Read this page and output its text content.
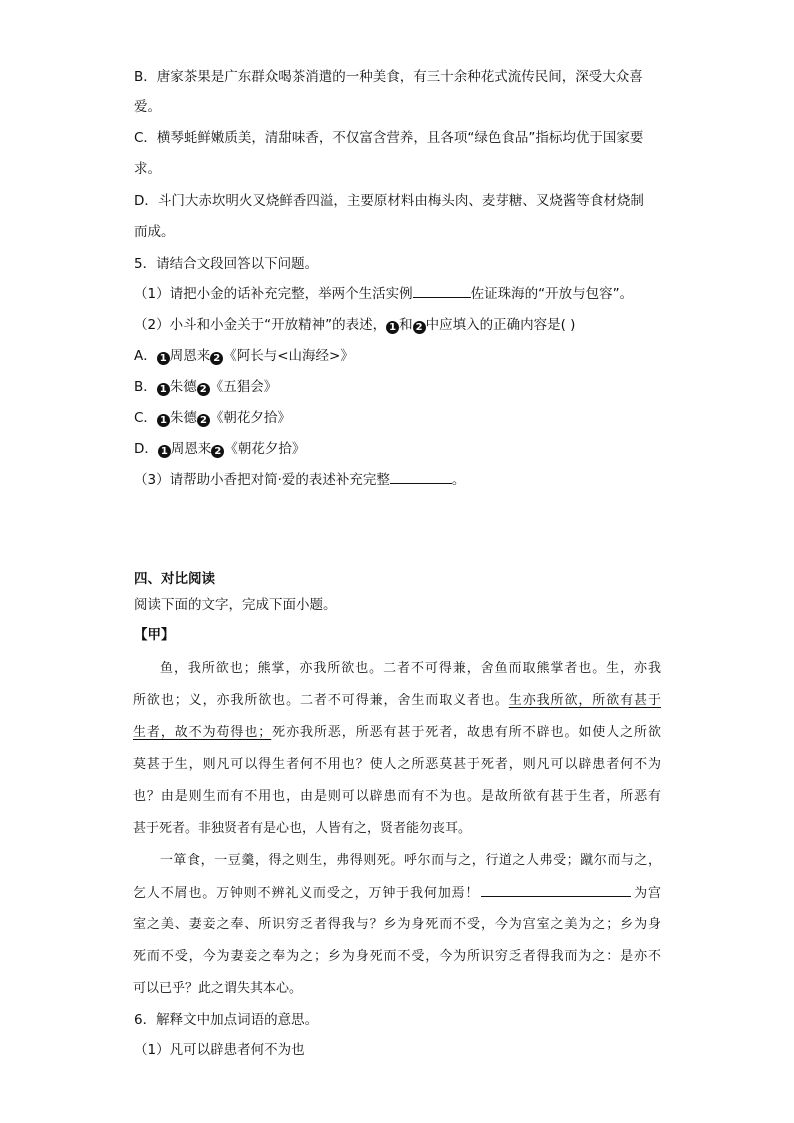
B．唐家茶果是广东群众喝茶消遣的一种美食，有三十余种花式流传民间，深受大众喜
爱。
C．横琴蚝鲜嫩质美，清甜味香，不仅富含营养，且各项“绿色食品”指标均优于国家要
求。
D．斗门大赤坎明火叉烧鲜香四溢，主要原材料由梅头肉、麦芽糖、叉烧酱等食材烧制
而成。
5．请结合文段回答以下问题。
（1）请把小金的话补充完整，举两个生活实例	佐证珠海的“开放与包容”。
（2）小斗和小金关于“开放精神”的表述， 1 和 2 中应填入的正确内容是( )
A． 1 周恩来 2 《阿长与<山海经>》
B． 1 朱德 2 《五猖会》
C． 1 朱德 2 《朝花夕拾》
D． 1 周恩来 2 《朝花夕拾》
（3）请帮助小香把对简·爱的表述补充完整	。
四、对比阅读
阅读下面的文字，完成下面小题。
【甲】
鱼，我所欲也；熊掌，亦我所欲也。二者不可得兼，舍鱼而取熊掌者也。生，亦我
所欲也；义，亦我所欲也。二者不可得兼，舍生而取义者也。生亦我所欲，所欲有甚于
生者，故不为苟得也；死亦我所恶，所恶有甚于死者，故患有所不辟也。如使人之所欲
莫甚于生，则凡可以得生者何不用也？使人之所恶莫甚于死者，则凡可以辟患者何不为
也？由是则生而有不用也，由是则可以辟患而有不为也。是故所欲有甚于生者，所恶有
甚于死者。非独贤者有是心也，人皆有之，贤者能勿丧耳。
一箪食，一豆羹，得之则生，弗得则死。呼尔而与之，行道之人弗受；蹴尔而与之，
乞人不屑也。万钟则不辨礼义而受之，万钟于我何加焉！	为宫
室之美、妻妾之奉、所识穷乏者得我与？乡为身死而不受，今为宫室之美为之；乡为身
死而不受，今为妻妾之奉为之；乡为身死而不受，今为所识穷乏者得我而为之：是亦不
可以已乎？此之谓失其本心。
6．解释文中加点词语的意思。
（1）凡可以辟患者何不为也
